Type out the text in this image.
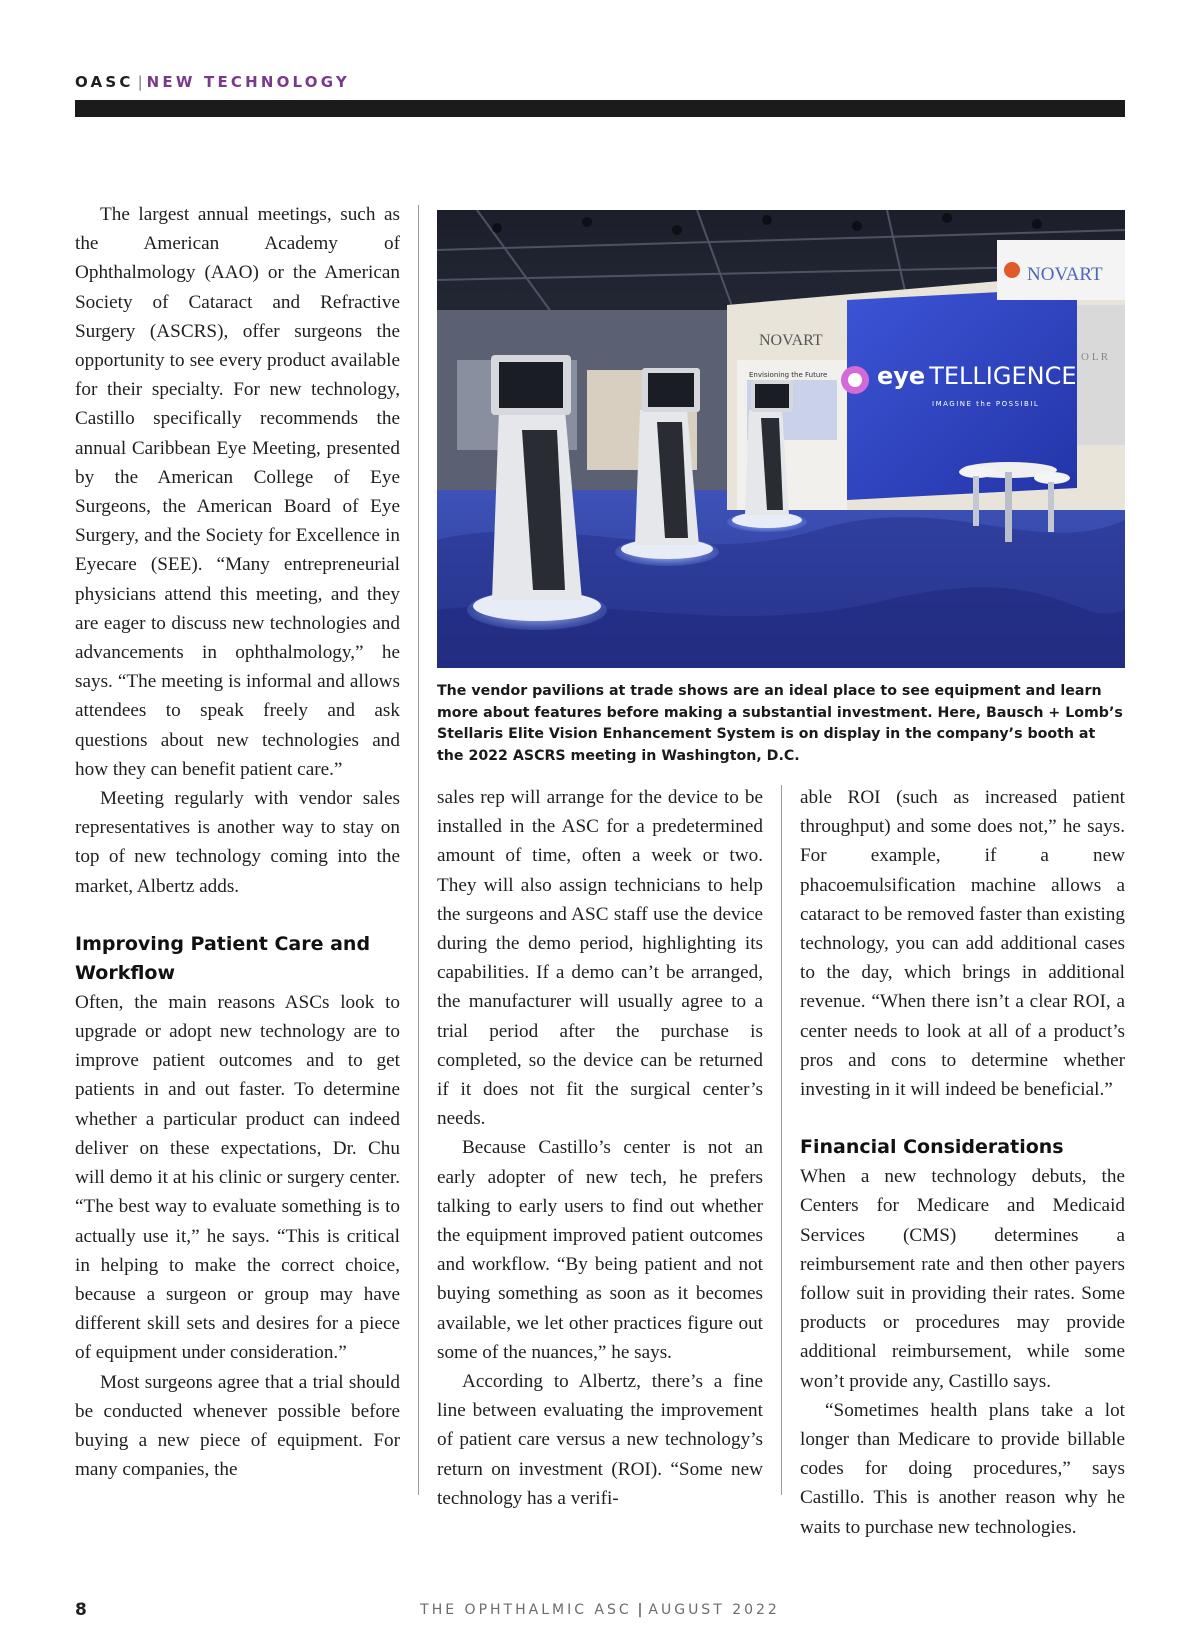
OASC | NEW TECHNOLOGY

The largest annual meetings, such as the American Academy of Ophthalmology (AAO) or the American Society of Cataract and Refractive Surgery (ASCRS), offer surgeons the opportunity to see every product available for their specialty. For new technology, Castillo specifically recommends the annual Caribbean Eye Meeting, presented by the American College of Eye Surgeons, the American Board of Eye Surgery, and the Society for Excellence in Eyecare (SEE). “Many entrepreneurial physicians attend this meeting, and they are eager to discuss new technologies and advancements in ophthalmology,” he says. “The meeting is informal and allows attendees to speak freely and ask questions about new technologies and how they can benefit patient care.”

Meeting regularly with vendor sales representatives is another way to stay on top of new technology coming into the market, Albertz adds.

Improving Patient Care and Workflow

Often, the main reasons ASCs look to upgrade or adopt new technology are to improve patient outcomes and to get patients in and out faster. To determine whether a particular product can indeed deliver on these expectations, Dr. Chu will demo it at his clinic or surgery center. “The best way to evaluate something is to actually use it,” he says. “This is critical in helping to make the correct choice, because a surgeon or group may have different skill sets and desires for a piece of equipment under consideration.”

Most surgeons agree that a trial should be conducted whenever possible before buying a new piece of equipment. For many companies, the

Envisioning the Future
NOVART
eye TELLIGENCE
IMAGINE the POSSIBIL
NOVART
O L R
The vendor pavilions at trade shows are an ideal place to see equipment and learn more about features before making a substantial investment. Here, Bausch + Lomb’s Stellaris Elite Vision Enhancement System is on display in the company’s booth at the 2022 ASCRS meeting in Washington, D.C.

sales rep will arrange for the device to be installed in the ASC for a predetermined amount of time, often a week or two. They will also assign technicians to help the surgeons and ASC staff use the device during the demo period, highlighting its capabilities. If a demo can’t be arranged, the manufacturer will usually agree to a trial period after the purchase is completed, so the device can be returned if it does not fit the surgical center’s needs.

Because Castillo’s center is not an early adopter of new tech, he prefers talking to early users to find out whether the equipment improved patient outcomes and workflow. “By being patient and not buying something as soon as it becomes available, we let other practices figure out some of the nuances,” he says.

According to Albertz, there’s a fine line between evaluating the improvement of patient care versus a new technology’s return on investment (ROI). “Some new technology has a verifi-

able ROI (such as increased patient throughput) and some does not,” he says. For example, if a new phacoemulsification machine allows a cataract to be removed faster than existing technology, you can add additional cases to the day, which brings in additional revenue. “When there isn’t a clear ROI, a center needs to look at all of a product’s pros and cons to determine whether investing in it will indeed be beneficial.”

Financial Considerations

When a new technology debuts, the Centers for Medicare and Medicaid Services (CMS) determines a reimbursement rate and then other payers follow suit in providing their rates. Some products or procedures may provide additional reimbursement, while some won’t provide any, Castillo says.

“Sometimes health plans take a lot longer than Medicare to provide billable codes for doing procedures,” says Castillo. This is another reason why he waits to purchase new technologies.

8	THE OPHTHALMIC ASC | AUGUST 2022
